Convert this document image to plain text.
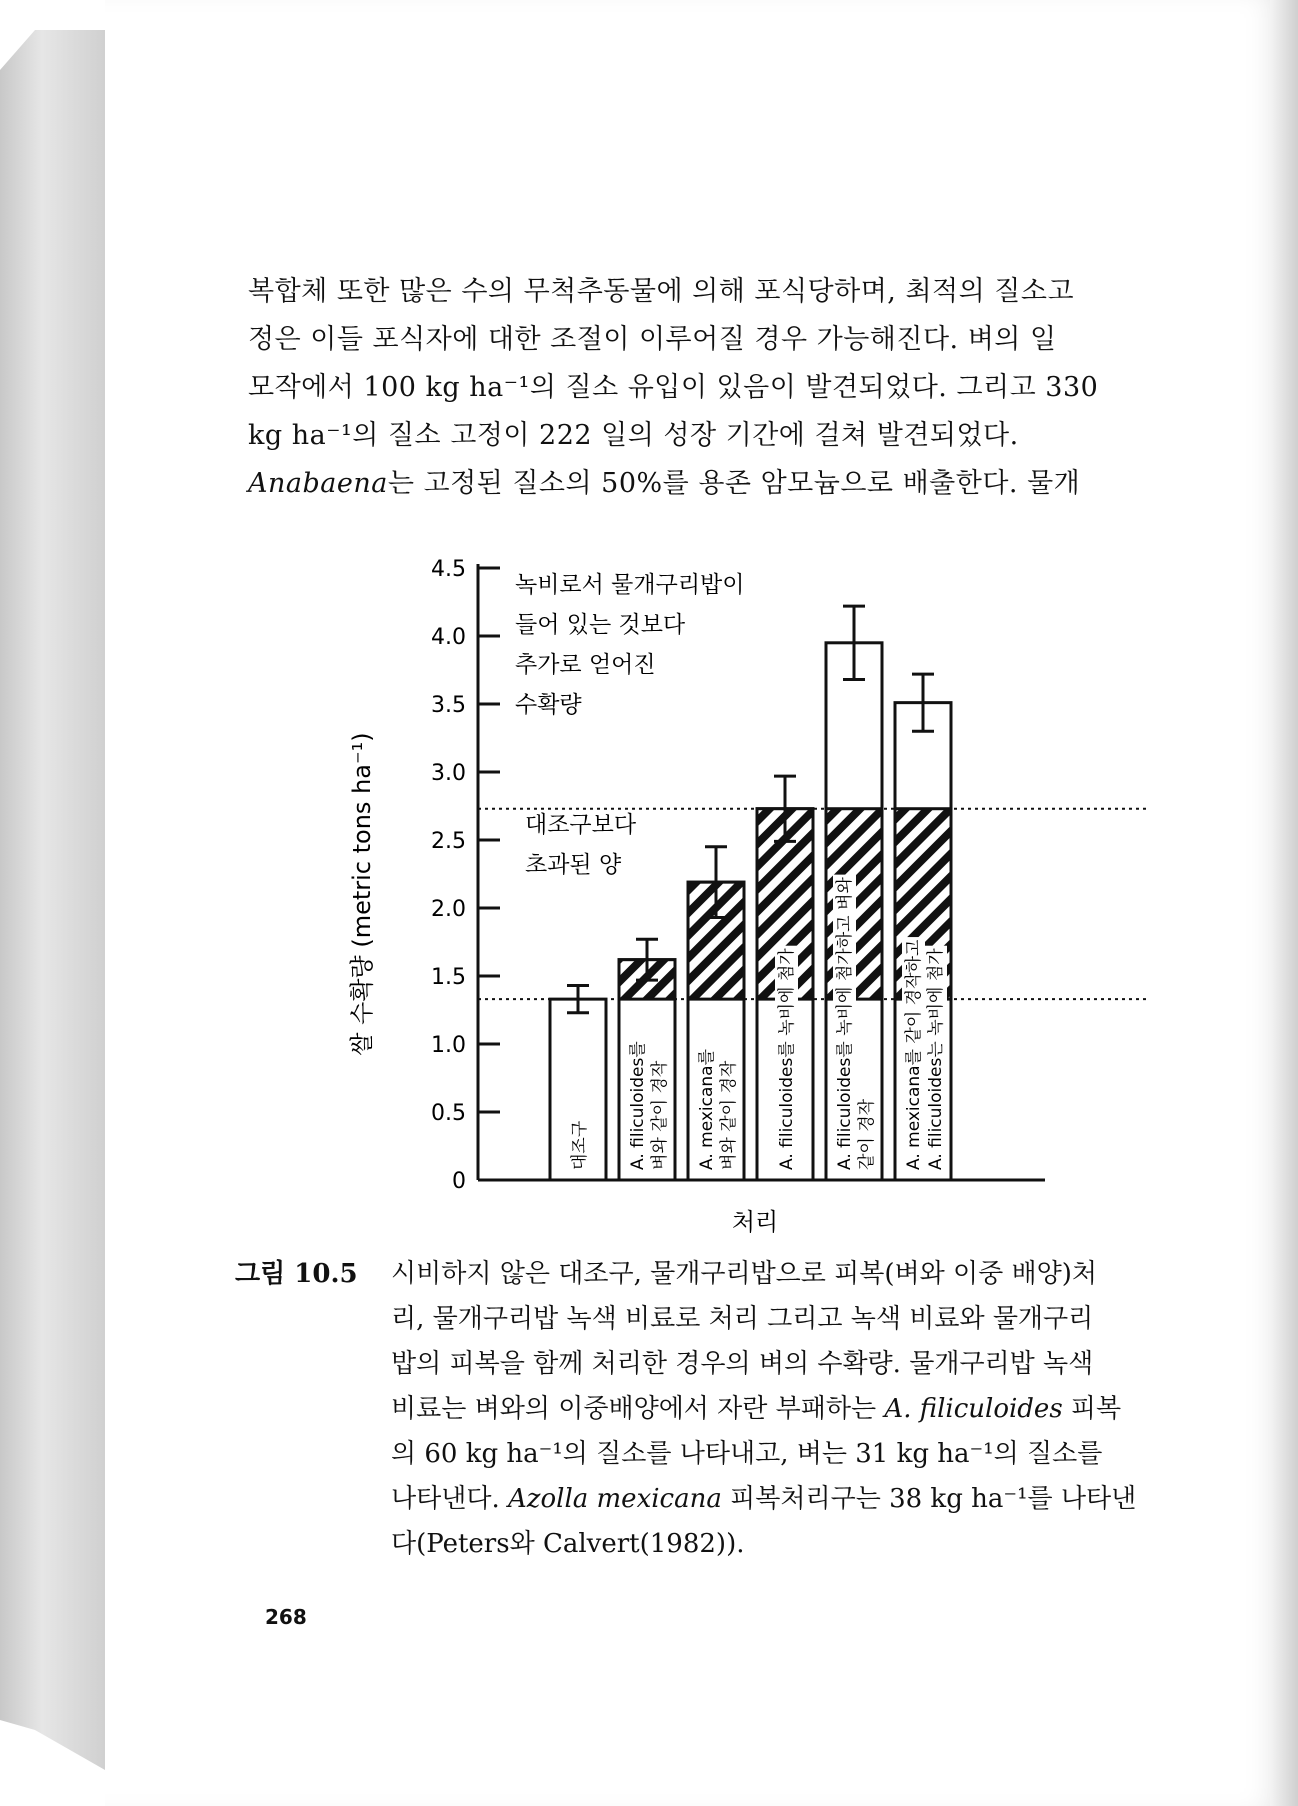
복합체 또한 많은 수의 무척추동물에 의해 포식당하며, 최적의 질소고

정은 이들 포식자에 대한 조절이 이루어질 경우 가능해진다. 벼의 일

모작에서 100 kg ha⁻¹의 질소 유입이 있음이 발견되었다. 그리고 330

kg ha⁻¹의 질소 고정이 222 일의 성장 기간에 걸쳐 발견되었다.

Anabaena는 고정된 질소의 50%를 용존 암모늄으로 배출한다. 물개

0
0.5
1.0
1.5
2.0
2.5
3.0
3.5
4.0
4.5
쌀 수확량 (metric tons ha⁻¹)
처리
대조구 A. filiculoides를 벼와 같이 경작 A. mexicana를 벼와 같이 경작 A. filiculoides를 녹비에 첨가 A. filiculoides를 녹비에 첨가하고 벼와 같이 경작 A. mexicana를 같이 경작하고 A. filiculoides는 녹비에 첨가
녹비로서 물개구리밥이
들어 있는 것보다
추가로 얻어진
수확량
대조구보다
초과된 양
그림 10.5 시비하지 않은 대조구, 물개구리밥으로 피복(벼와 이중 배양)처

리, 물개구리밥 녹색 비료로 처리 그리고 녹색 비료와 물개구리

밥의 피복을 함께 처리한 경우의 벼의 수확량. 물개구리밥 녹색

비료는 벼와의 이중배양에서 자란 부패하는 A. filiculoides 피복

의 60 kg ha⁻¹의 질소를 나타내고, 벼는 31 kg ha⁻¹의 질소를

나타낸다. Azolla mexicana 피복처리구는 38 kg ha⁻¹를 나타낸

다(Peters와 Calvert(1982)).

268
